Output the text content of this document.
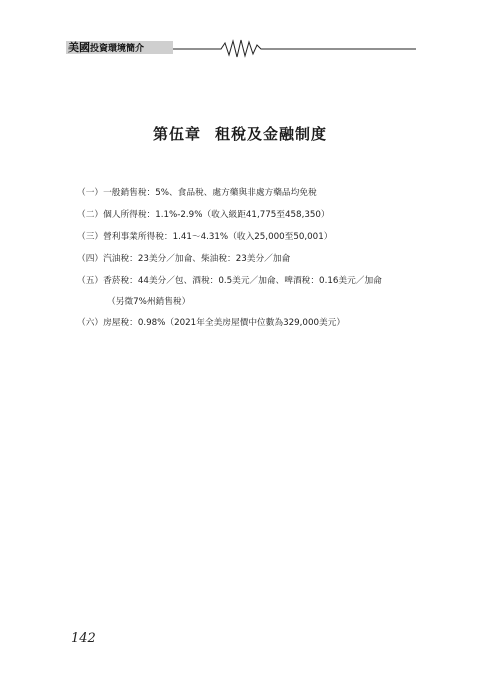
美國投資環境簡介
第伍章 租稅及金融制度
（一）一般銷售稅：5%、食品稅、處方藥與非處方藥品均免稅
（二）個人所得稅：1.1%-2.9%（收入級距41,775至458,350）
（三）營利事業所得稅：1.41～4.31%（收入25,000至50,001）
（四）汽油稅：23美分／加侖、柴油稅：23美分／加侖
（五）香菸稅：44美分／包、酒稅：0.5美元／加侖、啤酒稅：0.16美元／加侖
（另徵7%州銷售稅）
（六）房屋稅：0.98%（2021年全美房屋價中位數為329,000美元）
142
